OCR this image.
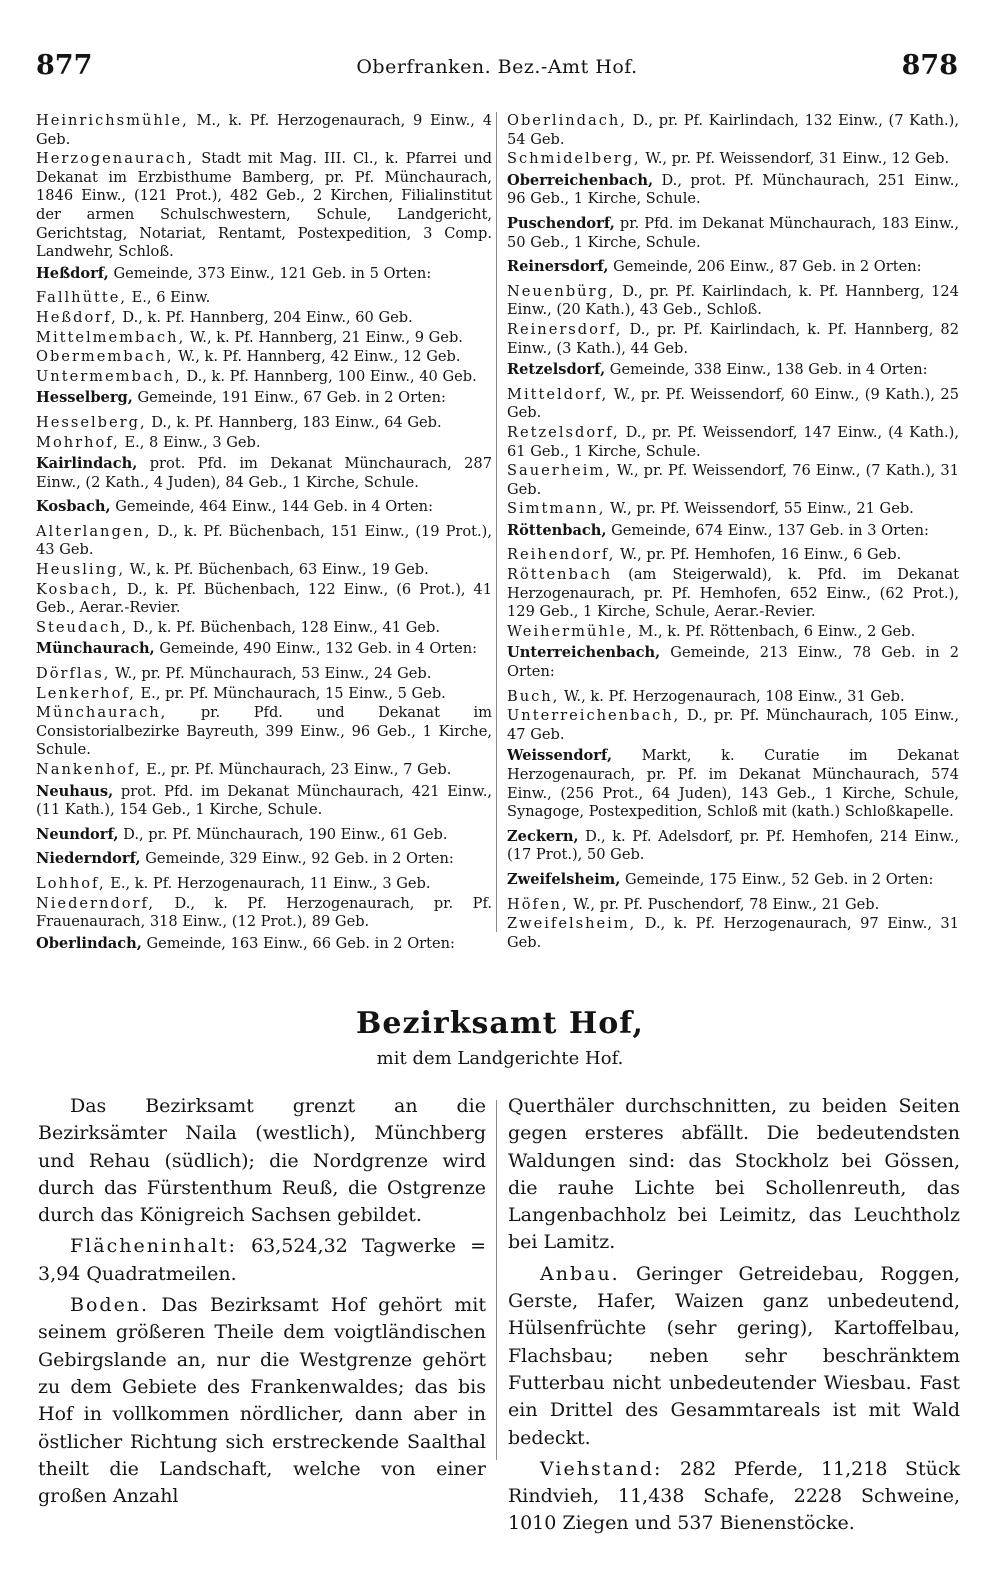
877	Oberfranken. Bez.-Amt Hof.	878
Heinrichsmühle, M., k. Pf. Herzogenaurach, 9 Einw., 4 Geb.
Herzogenaurach, Stadt mit Mag. III. Cl., k. Pfarrei und Dekanat im Erzbisthume Bamberg, pr. Pf. Münchaurach, 1846 Einw., (121 Prot.), 482 Geb., 2 Kirchen, Filialinstitut der armen Schulschwestern, Schule, Landgericht, Gerichtstag, Notariat, Rentamt, Postexpedition, 3 Comp. Landwehr, Schloß.
Heßdorf, Gemeinde, 373 Einw., 121 Geb. in 5 Orten:
Fallhütte, E., 6 Einw.
Heßdorf, D., k. Pf. Hannberg, 204 Einw., 60 Geb.
Mittelmembach, W., k. Pf. Hannberg, 21 Einw., 9 Geb.
Obermembach, W., k. Pf. Hannberg, 42 Einw., 12 Geb.
Untermembach, D., k. Pf. Hannberg, 100 Einw., 40 Geb.
Hesselberg, Gemeinde, 191 Einw., 67 Geb. in 2 Orten:
Hesselberg, D., k. Pf. Hannberg, 183 Einw., 64 Geb.
Mohrhof, E., 8 Einw., 3 Geb.
Kairlindach, prot. Pfd. im Dekanat Münchaurach, 287 Einw., (2 Kath., 4 Juden), 84 Geb., 1 Kirche, Schule.
Kosbach, Gemeinde, 464 Einw., 144 Geb. in 4 Orten:
Alterlangen, D., k. Pf. Büchenbach, 151 Einw., (19 Prot.), 43 Geb.
Heusling, W., k. Pf. Büchenbach, 63 Einw., 19 Geb.
Kosbach, D., k. Pf. Büchenbach, 122 Einw., (6 Prot.), 41 Geb., Aerar.-Revier.
Steudach, D., k. Pf. Büchenbach, 128 Einw., 41 Geb.
Münchaurach, Gemeinde, 490 Einw., 132 Geb. in 4 Orten:
Dörflas, W., pr. Pf. Münchaurach, 53 Einw., 24 Geb.
Lenkerhof, E., pr. Pf. Münchaurach, 15 Einw., 5 Geb.
Münchaurach, pr. Pfd. und Dekanat im Consistorialbezirke Bayreuth, 399 Einw., 96 Geb., 1 Kirche, Schule.
Nankenhof, E., pr. Pf. Münchaurach, 23 Einw., 7 Geb.
Neuhaus, prot. Pfd. im Dekanat Münchaurach, 421 Einw., (11 Kath.), 154 Geb., 1 Kirche, Schule.
Neundorf, D., pr. Pf. Münchaurach, 190 Einw., 61 Geb.
Niederndorf, Gemeinde, 329 Einw., 92 Geb. in 2 Orten:
Lohhof, E., k. Pf. Herzogenaurach, 11 Einw., 3 Geb.
Niederndorf, D., k. Pf. Herzogenaurach, pr. Pf. Frauenaurach, 318 Einw., (12 Prot.), 89 Geb.
Oberlindach, Gemeinde, 163 Einw., 66 Geb. in 2 Orten:
Oberlindach, D., pr. Pf. Kairlindach, 132 Einw., (7 Kath.), 54 Geb.
Schmidelberg, W., pr. Pf. Weissendorf, 31 Einw., 12 Geb.
Oberreichenbach, D., prot. Pf. Münchaurach, 251 Einw., 96 Geb., 1 Kirche, Schule.
Puschendorf, pr. Pfd. im Dekanat Münchaurach, 183 Einw., 50 Geb., 1 Kirche, Schule.
Reinersdorf, Gemeinde, 206 Einw., 87 Geb. in 2 Orten:
Neuenbürg, D., pr. Pf. Kairlindach, k. Pf. Hannberg, 124 Einw., (20 Kath.), 43 Geb., Schloß.
Reinersdorf, D., pr. Pf. Kairlindach, k. Pf. Hannberg, 82 Einw., (3 Kath.), 44 Geb.
Retzelsdorf, Gemeinde, 338 Einw., 138 Geb. in 4 Orten:
Mitteldorf, W., pr. Pf. Weissendorf, 60 Einw., (9 Kath.), 25 Geb.
Retzelsdorf, D., pr. Pf. Weissendorf, 147 Einw., (4 Kath.), 61 Geb., 1 Kirche, Schule.
Sauerheim, W., pr. Pf. Weissendorf, 76 Einw., (7 Kath.), 31 Geb.
Simtmann, W., pr. Pf. Weissendorf, 55 Einw., 21 Geb.
Röttenbach, Gemeinde, 674 Einw., 137 Geb. in 3 Orten:
Reihendorf, W., pr. Pf. Hemhofen, 16 Einw., 6 Geb.
Röttenbach (am Steigerwald), k. Pfd. im Dekanat Herzogenaurach, pr. Pf. Hemhofen, 652 Einw., (62 Prot.), 129 Geb., 1 Kirche, Schule, Aerar.-Revier.
Weihermühle, M., k. Pf. Röttenbach, 6 Einw., 2 Geb.
Unterreichenbach, Gemeinde, 213 Einw., 78 Geb. in 2 Orten:
Buch, W., k. Pf. Herzogenaurach, 108 Einw., 31 Geb.
Unterreichenbach, D., pr. Pf. Münchaurach, 105 Einw., 47 Geb.
Weissendorf, Markt, k. Curatie im Dekanat Herzogenaurach, pr. Pf. im Dekanat Münchaurach, 574 Einw., (256 Prot., 64 Juden), 143 Geb., 1 Kirche, Schule, Synagoge, Postexpedition, Schloß mit (kath.) Schloßkapelle.
Zeckern, D., k. Pf. Adelsdorf, pr. Pf. Hemhofen, 214 Einw., (17 Prot.), 50 Geb.
Zweifelsheim, Gemeinde, 175 Einw., 52 Geb. in 2 Orten:
Höfen, W., pr. Pf. Puschendorf, 78 Einw., 21 Geb.
Zweifelsheim, D., k. Pf. Herzogenaurach, 97 Einw., 31 Geb.
Bezirksamt Hof,
mit dem Landgerichte Hof.

Das Bezirksamt grenzt an die Bezirksämter Naila (westlich), Münchberg und Rehau (südlich); die Nordgrenze wird durch das Fürstenthum Reuß, die Ostgrenze durch das Königreich Sachsen gebildet.

Flächeninhalt: 63,524,32 Tagwerke = 3,94 Quadratmeilen.

Boden. Das Bezirksamt Hof gehört mit seinem größeren Theile dem voigtländischen Gebirgslande an, nur die Westgrenze gehört zu dem Gebiete des Frankenwaldes; das bis Hof in vollkommen nördlicher, dann aber in östlicher Richtung sich erstreckende Saalthal theilt die Landschaft, welche von einer großen Anzahl

Querthäler durchschnitten, zu beiden Seiten gegen ersteres abfällt. Die bedeutendsten Waldungen sind: das Stockholz bei Gössen, die rauhe Lichte bei Schollenreuth, das Langenbachholz bei Leimitz, das Leuchtholz bei Lamitz.

Anbau. Geringer Getreidebau, Roggen, Gerste, Hafer, Waizen ganz unbedeutend, Hülsenfrüchte (sehr gering), Kartoffelbau, Flachsbau; neben sehr beschränktem Futterbau nicht unbedeutender Wiesbau. Fast ein Drittel des Gesammtareals ist mit Wald bedeckt.

Viehstand: 282 Pferde, 11,218 Stück Rindvieh, 11,438 Schafe, 2228 Schweine, 1010 Ziegen und 537 Bienenstöcke.
